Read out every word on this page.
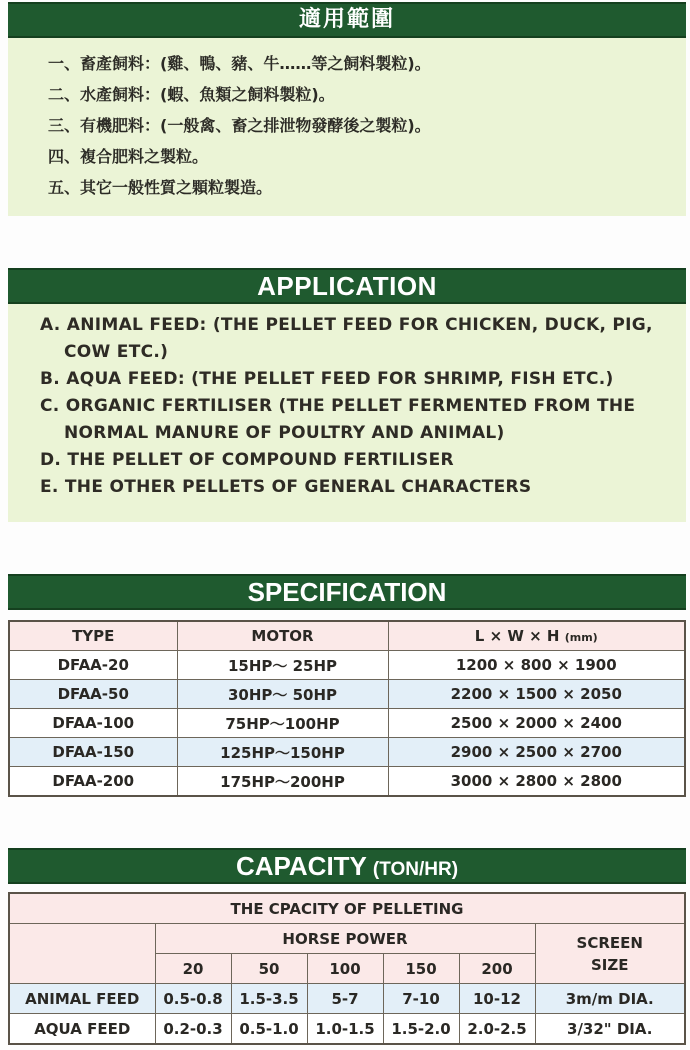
適用範圍
一、畜產飼料：(雞、鴨、豬、牛……等之飼料製粒)。
二、水產飼料：(蝦、魚類之飼料製粒)。
三、有機肥料：(一般禽、畜之排泄物發酵後之製粒)。
四、複合肥料之製粒。
五、其它一般性質之顆粒製造。
APPLICATION
A. ANIMAL FEED: (THE PELLET FEED FOR CHICKEN, DUCK, PIG,
COW ETC.)
B. AQUA FEED: (THE PELLET FEED FOR SHRIMP, FISH ETC.)
C. ORGANIC FERTILISER (THE PELLET FERMENTED FROM THE
NORMAL MANURE OF POULTRY AND ANIMAL)
D. THE PELLET OF COMPOUND FERTILISER
E. THE OTHER PELLETS OF GENERAL CHARACTERS
SPECIFICATION
TYPE	MOTOR	L × W × H (mm)
DFAA-20	15HP～ 25HP	1200 × 800 × 1900
DFAA-50	30HP～ 50HP	2200 × 1500 × 2050
DFAA-100	75HP～100HP	2500 × 2000 × 2400
DFAA-150	125HP～150HP	2900 × 2500 × 2700
DFAA-200	175HP～200HP	3000 × 2800 × 2800
CAPACITY (TON/HR)
THE CPACITY OF PELLETING						
	HORSE POWER					SCREEN
SIZE

	20	50	100	150	200	
ANIMAL FEED	0.5-0.8	1.5-3.5	5-7	7-10	10-12	3m/m DIA.
AQUA FEED	0.2-0.3	0.5-1.0	1.0-1.5	1.5-2.0	2.0-2.5	3/32" DIA.
